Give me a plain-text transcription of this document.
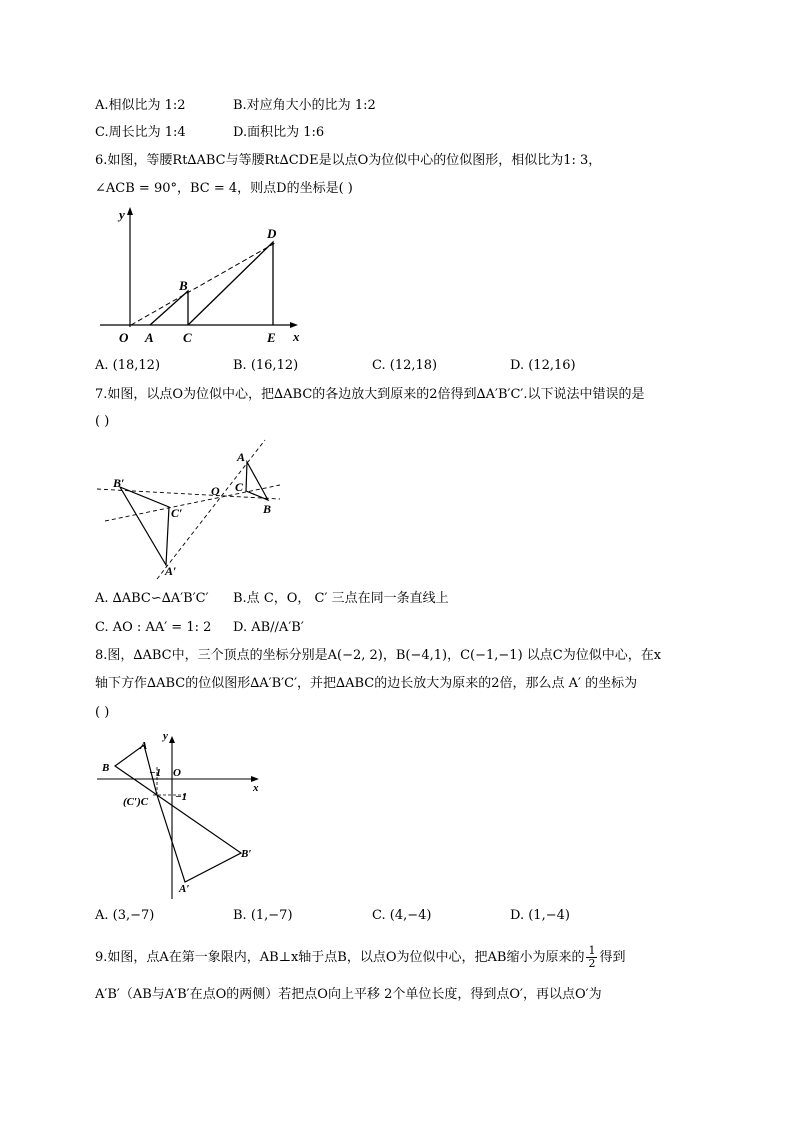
A.相似比为 1:2	B.对应角大小的比为 1:2
C.周长比为 1:4	D.面积比为 1:6
6.如图，等腰Rt∆ABC与等腰Rt∆CDE是以点O为位似中心的位似图形，相似比为1: 3，
∠ACB = 90°，BC = 4，则点D的坐标是( )
y
x
O A
B
C
D
E
A. (18,12)	B. (16,12)	C. (12,18)	D. (12,16)
7.如图，以点O为位似中心，把∆ABC的各边放大到原来的2倍得到∆A′B′C′.以下说法中错误的是
( )
B′
C′
A′
O
A
C
B
A. ∆ABC∽∆A′B′C′ B.点 C，O， C′ 三点在同一条直线上
C. AO : AA′ = 1: 2 D. AB//A′B′
8.图，∆ABC中，三个顶点的坐标分别是A(−2, 2)，B(−4,1)，C(−1,−1) 以点C为位似中心，在x
轴下方作∆ABC的位似图形∆A′B′C′，并把∆ABC的边长放大为原来的2倍，那么点 A′ 的坐标为
( )
y
x
O
A
B	−1
−1
(C′)C
A′
B′
A. (3,−7)	B. (1,−7)	C. (4,−4)	D. (1,−4)
9.如图，点A在第一象限内，AB⊥x轴于点B，以点O为位似中心，把AB缩小为原来的 $\frac{1}{2}$ 得到
A′B′（AB与A′B′在点O的两侧）若把点O向上平移 2个单位长度，得到点O′，再以点O′为
